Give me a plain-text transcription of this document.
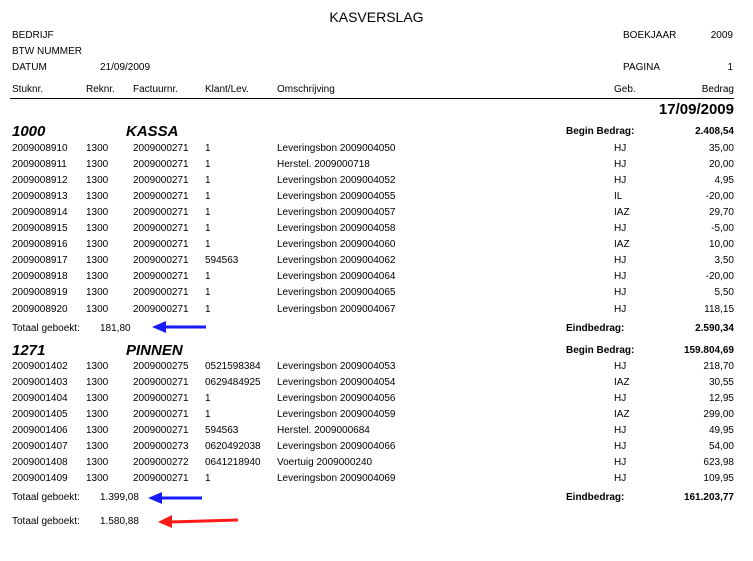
KASVERSLAG
BEDRIJF
BTW NUMMER
DATUM	21/09/2009
BOEKJAAR	2009
PAGINA	1
Stuknr.	Reknr. Factuurnr.	Klant/Lev.	Omschrijving	Geb.	Bedrag
17/09/2009
1000	KASSA	Begin Bedrag:	2.408,54
2009008910 1300 2009000271 1	Leveringsbon 2009004050	HJ	35,00
2009008911 1300 2009000271 1	Herstel. 2009000718	HJ	20,00
2009008912 1300 2009000271 1	Leveringsbon 2009004052	HJ	4,95
2009008913 1300 2009000271 1	Leveringsbon 2009004055	IL	-20,00
2009008914 1300 2009000271 1	Leveringsbon 2009004057	IAZ	29,70
2009008915 1300 2009000271 1	Leveringsbon 2009004058	HJ	-5,00
2009008916 1300 2009000271 1	Leveringsbon 2009004060	IAZ	10,00
2009008917 1300 2009000271 594563	Leveringsbon 2009004062	HJ	3,50
2009008918 1300 2009000271 1	Leveringsbon 2009004064	HJ	-20,00
2009008919 1300 2009000271 1	Leveringsbon 2009004065	HJ	5,50
2009008920 1300 2009000271 1	Leveringsbon 2009004067	HJ	118,15
Totaal geboekt: 181,80	Eindbedrag:	2.590,34
1271	PINNEN	Begin Bedrag:	159.804,69
2009001402 1300 2009000275 0521598384 Leveringsbon 2009004053	HJ	218,70
2009001403 1300 2009000271 0629484925 Leveringsbon 2009004054	IAZ	30,55
2009001404 1300 2009000271 1	Leveringsbon 2009004056	HJ	12,95
2009001405 1300 2009000271 1	Leveringsbon 2009004059	IAZ	299,00
2009001406 1300 2009000271 594563	Herstel. 2009000684	HJ	49,95
2009001407 1300 2009000273 0620492038 Leveringsbon 2009004066	HJ	54,00
2009001408 1300 2009000272 0641218940 Voertuig 2009000240	HJ	623,98
2009001409 1300 2009000271 1	Leveringsbon 2009004069	HJ	109,95
Totaal geboekt: 1.399,08	Eindbedrag:	161.203,77
Totaal geboekt: 1.580,88
